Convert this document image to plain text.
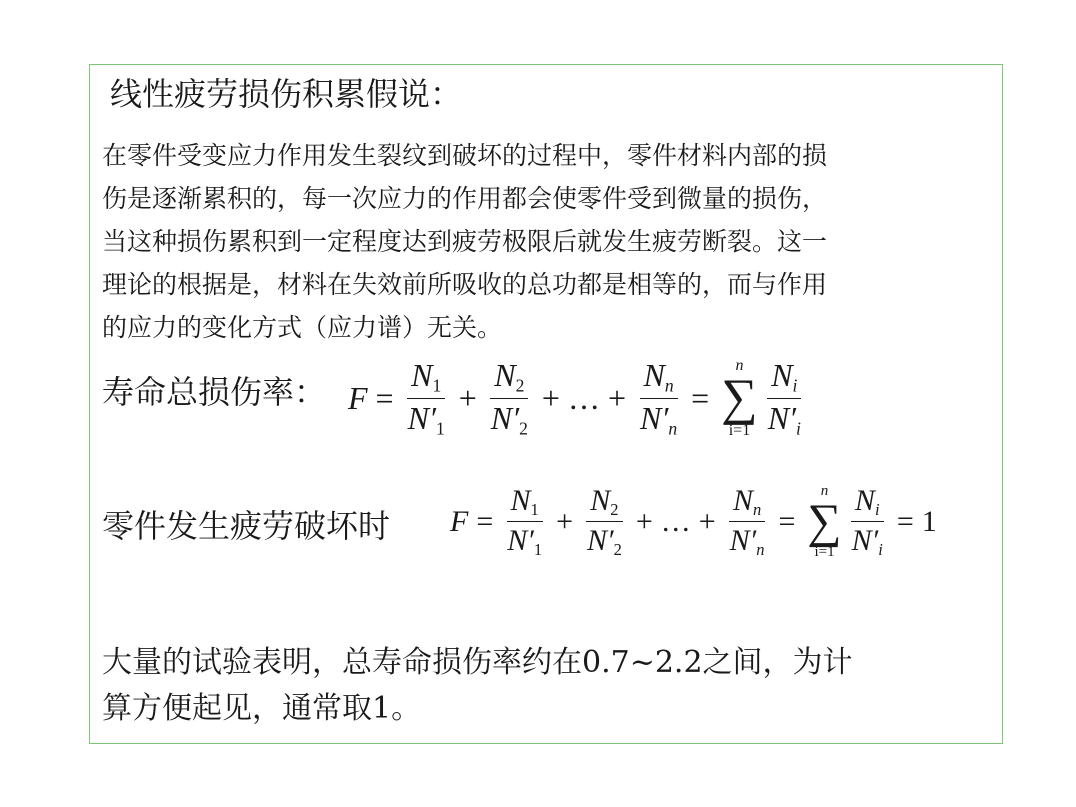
线性疲劳损伤积累假说：
在零件受变应力作用发生裂纹到破坏的过程中，零件材料内部的损
伤是逐渐累积的，每一次应力的作用都会使零件受到微量的损伤，
当这种损伤累积到一定程度达到疲劳极限后就发生疲劳断裂。这一
理论的根据是，材料在失效前所吸收的总功都是相等的，而与作用
的应力的变化方式（应力谱）无关。
寿命总损伤率： $F = \frac{N_1}{N'_1} + \frac{N_2}{N'_2}$ + … + $\frac{N_n}{N'_n}$ =
n
∑
$i=1 \frac{N_i}{N'_i}$
零件发生疲劳破坏时 $F = \frac{N_1}{N'_1} + \frac{N_2}{N'_2}$ + … + $\frac{N_n}{N'_n}$ =
n
∑
$i=1 \frac{N_i}{N'_i} = 1$
大量的试验表明，总寿命损伤率约在0.7~2.2之间，为计
算方便起见，通常取1。
